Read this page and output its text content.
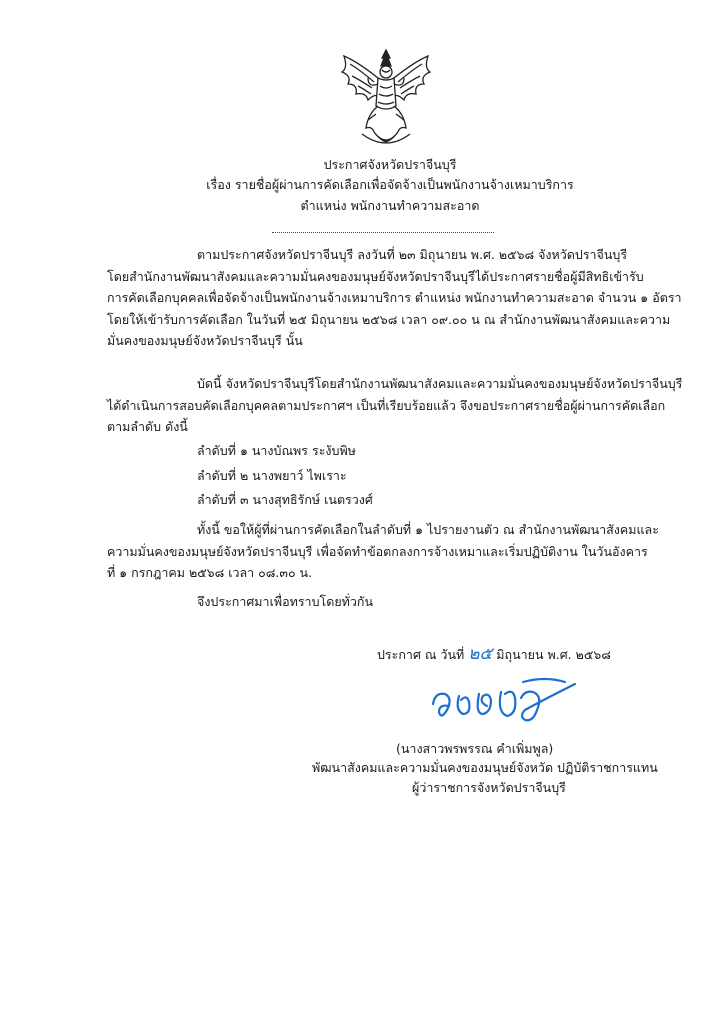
ประกาศจังหวัดปราจีนบุรี
เรื่อง รายชื่อผู้ผ่านการคัดเลือกเพื่อจัดจ้างเป็นพนักงานจ้างเหมาบริการ
ตำแหน่ง พนักงานทำความสะอาด
ตามประกาศจังหวัดปราจีนบุรี ลงวันที่ ๒๓ มิถุนายน พ.ศ. ๒๕๖๘ จังหวัดปราจีนบุรี
โดยสำนักงานพัฒนาสังคมและความมั่นคงของมนุษย์จังหวัดปราจีนบุรีได้ประกาศรายชื่อผู้มีสิทธิเข้ารับ
การคัดเลือกบุคคลเพื่อจัดจ้างเป็นพนักงานจ้างเหมาบริการ ตำแหน่ง พนักงานทำความสะอาด จำนวน ๑ อัตรา
โดยให้เข้ารับการคัดเลือก ในวันที่ ๒๕ มิถุนายน ๒๕๖๘ เวลา ๐๙.๐๐ น ณ สำนักงานพัฒนาสังคมและความ
มั่นคงของมนุษย์จังหวัดปราจีนบุรี นั้น
บัดนี้ จังหวัดปราจีนบุรีโดยสำนักงานพัฒนาสังคมและความมั่นคงของมนุษย์จังหวัดปราจีนบุรี
ได้ดำเนินการสอบคัดเลือกบุคคลตามประกาศฯ เป็นที่เรียบร้อยแล้ว จึงขอประกาศรายชื่อผู้ผ่านการคัดเลือก
ตามลำดับ ดังนี้
ลำดับที่ ๑ นางบัณพร ระงับพิษ
ลำดับที่ ๒ นางพยาว์ ไพเราะ
ลำดับที่ ๓ นางสุทธิรักษ์ เนตรวงศ์
ทั้งนี้ ขอให้ผู้ที่ผ่านการคัดเลือกในลำดับที่ ๑ ไปรายงานตัว ณ สำนักงานพัฒนาสังคมและ
ความมั่นคงของมนุษย์จังหวัดปราจีนบุรี เพื่อจัดทำข้อตกลงการจ้างเหมาและเริ่มปฏิบัติงาน ในวันอังคาร
ที่ ๑ กรกฎาคม ๒๕๖๘ เวลา ๐๘.๓๐ น.
จึงประกาศมาเพื่อทราบโดยทั่วกัน
ประกาศ ณ วันที่ ๒๕ มิถุนายน พ.ศ. ๒๕๖๘
(นางสาวพรพรรณ คำเพิ่มพูล)
พัฒนาสังคมและความมั่นคงของมนุษย์จังหวัด ปฏิบัติราชการแทน
ผู้ว่าราชการจังหวัดปราจีนบุรี
